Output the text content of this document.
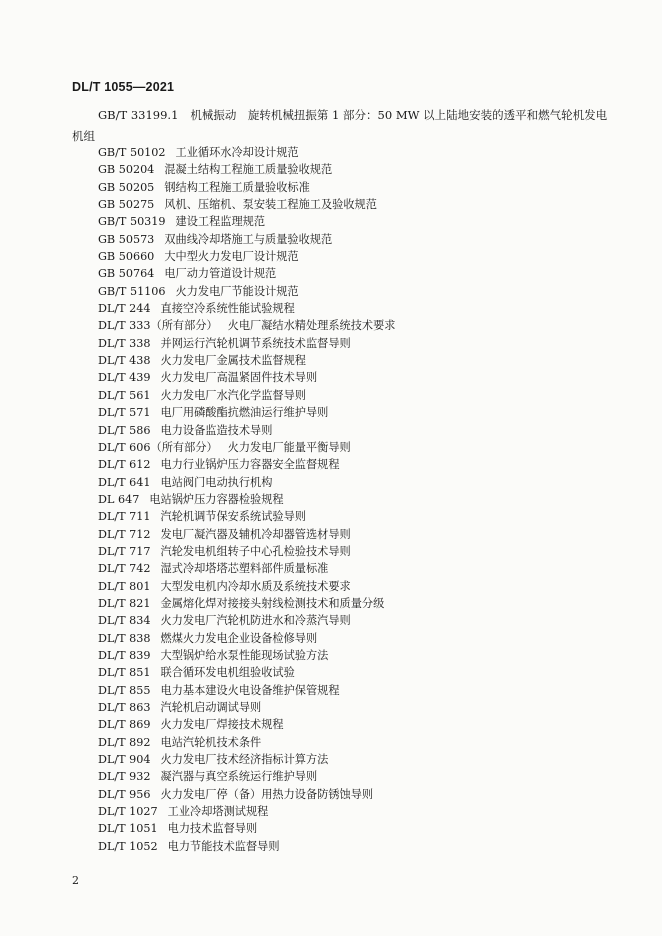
DL/T 1055—2021
GB/T 33199.1 机械振动　旋转机械扭振第 1 部分：50 MW 以上陆地安装的透平和燃气轮机发电机组
GB/T 50102 工业循环水冷却设计规范
GB 50204 混凝土结构工程施工质量验收规范
GB 50205 钢结构工程施工质量验收标准
GB 50275 风机、压缩机、泵安装工程施工及验收规范
GB/T 50319 建设工程监理规范
GB 50573 双曲线冷却塔施工与质量验收规范
GB 50660 大中型火力发电厂设计规范
GB 50764 电厂动力管道设计规范
GB/T 51106 火力发电厂节能设计规范
DL/T 244 直接空冷系统性能试验规程
DL/T 333（所有部分） 火电厂凝结水精处理系统技术要求
DL/T 338 并网运行汽轮机调节系统技术监督导则
DL/T 438 火力发电厂金属技术监督规程
DL/T 439 火力发电厂高温紧固件技术导则
DL/T 561 火力发电厂水汽化学监督导则
DL/T 571 电厂用磷酸酯抗燃油运行维护导则
DL/T 586 电力设备监造技术导则
DL/T 606（所有部分） 火力发电厂能量平衡导则
DL/T 612 电力行业锅炉压力容器安全监督规程
DL/T 641 电站阀门电动执行机构
DL 647 电站锅炉压力容器检验规程
DL/T 711 汽轮机调节保安系统试验导则
DL/T 712 发电厂凝汽器及辅机冷却器管选材导则
DL/T 717 汽轮发电机组转子中心孔检验技术导则
DL/T 742 湿式冷却塔塔芯塑料部件质量标准
DL/T 801 大型发电机内冷却水质及系统技术要求
DL/T 821 金属熔化焊对接接头射线检测技术和质量分级
DL/T 834 火力发电厂汽轮机防进水和冷蒸汽导则
DL/T 838 燃煤火力发电企业设备检修导则
DL/T 839 大型锅炉给水泵性能现场试验方法
DL/T 851 联合循环发电机组验收试验
DL/T 855 电力基本建设火电设备维护保管规程
DL/T 863 汽轮机启动调试导则
DL/T 869 火力发电厂焊接技术规程
DL/T 892 电站汽轮机技术条件
DL/T 904 火力发电厂技术经济指标计算方法
DL/T 932 凝汽器与真空系统运行维护导则
DL/T 956 火力发电厂停（备）用热力设备防锈蚀导则
DL/T 1027 工业冷却塔测试规程
DL/T 1051 电力技术监督导则
DL/T 1052 电力节能技术监督导则
2
